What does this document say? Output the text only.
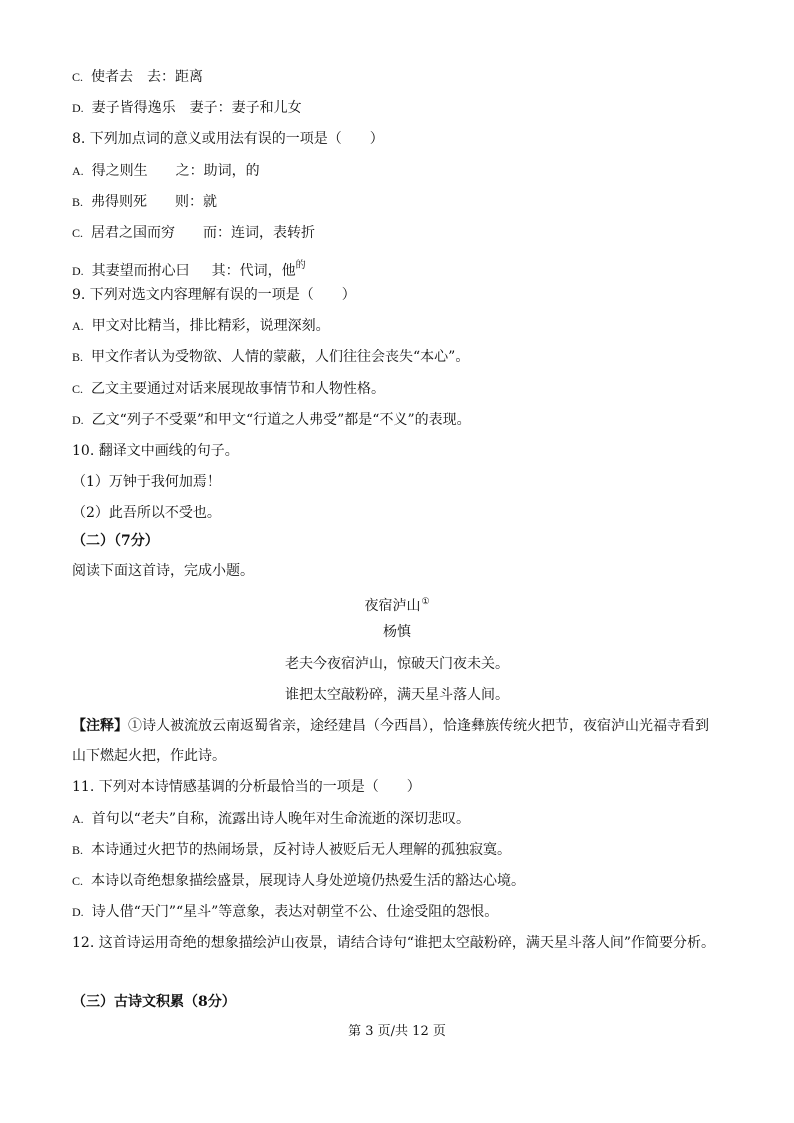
C. 使者去 去：距离
D. 妻子皆得逸乐 妻子：妻子和儿女
8. 下列加点词的意义或用法有误的一项是（　　）
A. 得之则生 之：助词，的
B. 弗得则死 则：就
C. 居君之国而穷 而：连词，表转折
D. 其妻望而拊心曰 其：代词，他$^的$
9. 下列对选文内容理解有误的一项是（　　）
A. 甲文对比精当，排比精彩，说理深刻。
B. 甲文作者认为受物欲、人情的蒙蔽，人们往往会丧失“本心”。
C. 乙文主要通过对话来展现故事情节和人物性格。
D. 乙文“列子不受粟”和甲文“行道之人弗受”都是“不义”的表现。
10. 翻译文中画线的句子。
（1）万钟于我何加焉！
（2）此吾所以不受也。
（二）（7分）
阅读下面这首诗，完成小题。
夜宿泸山①
杨慎
老夫今夜宿泸山，惊破天门夜未关。
谁把太空敲粉碎，满天星斗落人间。
【注释】①诗人被流放云南返蜀省亲，途经建昌（今西昌），恰逢彝族传统火把节，夜宿泸山光福寺看到
山下燃起火把，作此诗。
11. 下列对本诗情感基调的分析最恰当的一项是（　　）
A. 首句以“老夫”自称，流露出诗人晚年对生命流逝的深切悲叹。
B. 本诗通过火把节的热闹场景，反衬诗人被贬后无人理解的孤独寂寞。
C. 本诗以奇绝想象描绘盛景，展现诗人身处逆境仍热爱生活的豁达心境。
D. 诗人借“天门”“星斗”等意象，表达对朝堂不公、仕途受阻的怨恨。
12. 这首诗运用奇绝的想象描绘泸山夜景，请结合诗句“谁把太空敲粉碎，满天星斗落人间”作简要分析。
（三）古诗文积累（8分）
第 3 页/共 12 页
